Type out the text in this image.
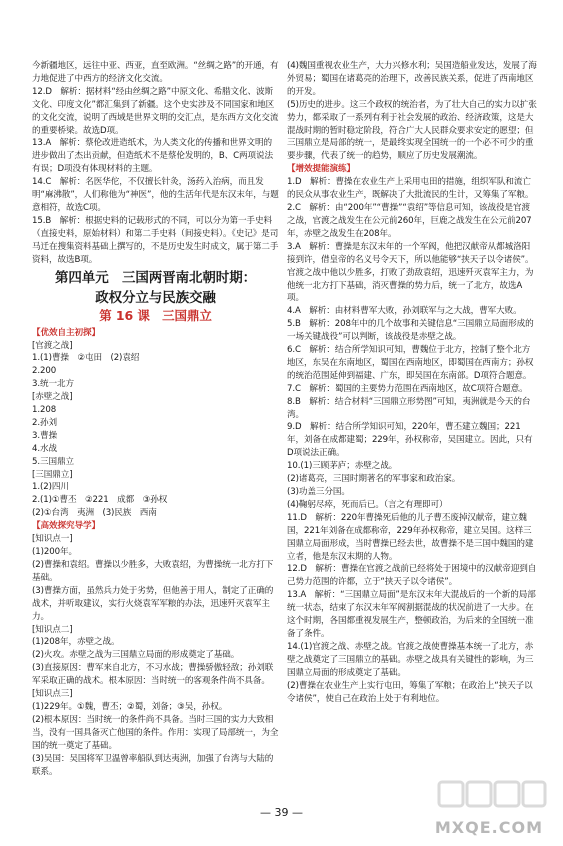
今新疆地区，远往中亚、西亚，直至欧洲。“丝绸之路”的开通，有力地促进了中西方的经济文化交流。

12.D　解析：据材料“经由丝绸之路”中原文化、希腊文化、波斯文化、印度文化”都汇集到了新疆。这个史实涉及不同国家和地区的文化交流，说明了西域是世界文明的交汇点，是东西方文化交流的重要桥梁。故选D项。

13.A　解析：蔡伦改进造纸术，为人类文化的传播和世界文明的进步做出了杰出贡献，但造纸术不是蔡伦发明的，B、C两项说法有误；D项没有体现材料的主题。

14.C　解析：名医华佗，不仅擅长针灸，汤药入治病，而且发明“麻沸散”，人们称他为“神医”，他的生活年代是东汉末年，与题意相符，故选C项。

15.B　解析：根据史料的记载形式的不同，可以分为第一手史料（直接史料，原始材料）和第二手史料（间接史料）。《史记》是司马迁在搜集资料基础上撰写的，不是历史发生时成文，属于第二手资料，故选B项。

第四单元　三国两晋南北朝时期：
政权分立与民族交融
第 16 课　三国鼎立

【优效自主初探】

[官渡之战]

1.(1)曹操　②屯田　(2)袁绍

2.200

3.统一北方

[赤壁之战]

1.208

2.孙刘

3.曹操

4.水战

5.三国鼎立

[三国鼎立]

1.(2)四川

2.(1)①曹丕　②221　成都　③孙权

(2)①台湾　夷洲　(3)民族　西南

【高效探究导学】

[知识点一]

(1)200年。

(2)曹操和袁绍。曹操以少胜多，大败袁绍，为曹操统一北方打下基础。

(3)曹操方面，虽然兵力处于劣势，但他善于用人，制定了正确的战术，并听取建议，实行火烧袁军军粮的办法，迅速歼灭袁军主力。

[知识点二]

(1)208年，赤壁之战。

(2)火攻。赤壁之战为三国鼎立局面的形成奠定了基础。

(3)直接原因：曹军来自北方，不习水战；曹操骄傲轻敌；孙刘联军采取正确的战术。根本原因：当时统一的客观条件尚不具备。

[知识点三]

(1)229年。①魏，曹丕；②蜀，刘备；③吴，孙权。

(2)根本原因：当时统一的条件尚不具备。当时三国的实力大致相当，没有一国具备灭亡他国的条件。作用：实现了局部统一，为全国的统一奠定了基础。

(3)吴国：吴国将军卫温曾率船队到达夷洲，加强了台湾与大陆的联系。

(4)魏国重视农业生产，大力兴修水利；吴国造船业发达，发展了海外贸易；蜀国在诸葛亮的治理下，改善民族关系，促进了西南地区的开发。

(5)历史的进步。这三个政权的统治者，为了壮大自己的实力以扩张势力，都采取了一系列有利于社会发展的政治、经济政策，这是大混战时期的暂时稳定阶段，符合广大人民群众要求安定的愿望；但三国鼎立是局部的统一，是最终实现全国统一的一个必不可少的重要步骤，代表了统一的趋势，顺应了历史发展潮流。

【增效提能演练】

1.D　解析：曹操在农业生产上采用屯田的措施，组织军队和流亡的民众从事农业生产，既解决了大批流民的生计，又筹集了军粮。

2.C　解析：由“200年”“曹操”“袁绍”等信息可知，该战役是官渡之战，官渡之战发生在公元前260年，巨鹿之战发生在公元前207年，赤壁之战发生在208年。

3.A　解析：曹操是东汉末年的一个军阀，他把汉献帝从都城洛阳接到许，借皇帝的名义号令天下，所以他能够“挟天子以令诸侯”。官渡之战中他以少胜多，打败了劲敌袁绍，迅速歼灭袁军主力，为他统一北方打下基础，消灭曹操的势力后，统一了北方，故选A项。

4.A　解析：由材料曹军大败，孙刘联军与之大战，曹军大败。

5.B　解析：208年中的几个故事和关键信息“三国鼎立局面形成的一场关键战役”可以判断，该战役是赤壁之战。

6.C　解析：结合所学知识可知，曹魏位于北方，控制了整个北方地区，东吴在东南地区，蜀国在西南地区，即蜀国在西南方；孙权的统治范围延伸到福建、广东，即吴国在东南部。D项符合题意。

7.C　解析：蜀国的主要势力范围在西南地区，故C项符合题意。

8.B　解析：结合材料“三国鼎立形势图”可知，夷洲就是今天的台湾。

9.D　解析：结合所学知识可知，220年，曹丕建立魏国；221年，刘备在成都建蜀；229年，孙权称帝，吴国建立。因此，只有D项说法正确。

10.(1)三顾茅庐；赤壁之战。

(2)诸葛亮，三国时期著名的军事家和政治家。

(3)功盖三分国。

(4)鞠躬尽瘁，死而后已。（言之有理即可）

11.D　解析：220年曹操死后他的儿子曹丕废掉汉献帝，建立魏国，221年刘备在成都称帝，229年孙权称帝，建立吴国。这样三国鼎立局面形成，当时曹操已经去世，故曹操不是三国中魏国的建立者，他是东汉末期的人物。

12.D　解析：曹操在官渡之战前已经将处于困境中的汉献帝迎到自己势力范围的许都，立于“挟天子以令诸侯”。

13.A　解析：“三国鼎立局面”是东汉末年大混战后的一个新的局部统一状态，结束了东汉末年军阀割据混战的状况前进了一大步。在这个时期，各国都重视发展生产，整顿政治，为后来的全国统一准备了条件。

14.(1)官渡之战、赤壁之战。官渡之战使曹操基本统一了北方，赤壁之战奠定了三国鼎立的基础。赤壁之战具有关键性的影响，为三国鼎立局面的形成奠定了基础。

(2)曹操在农业生产上实行屯田，筹集了军粮；在政治上“挟天子以令诸侯”，使自己在政治上处于有利地位。

— 39 —
MXQE.COM
